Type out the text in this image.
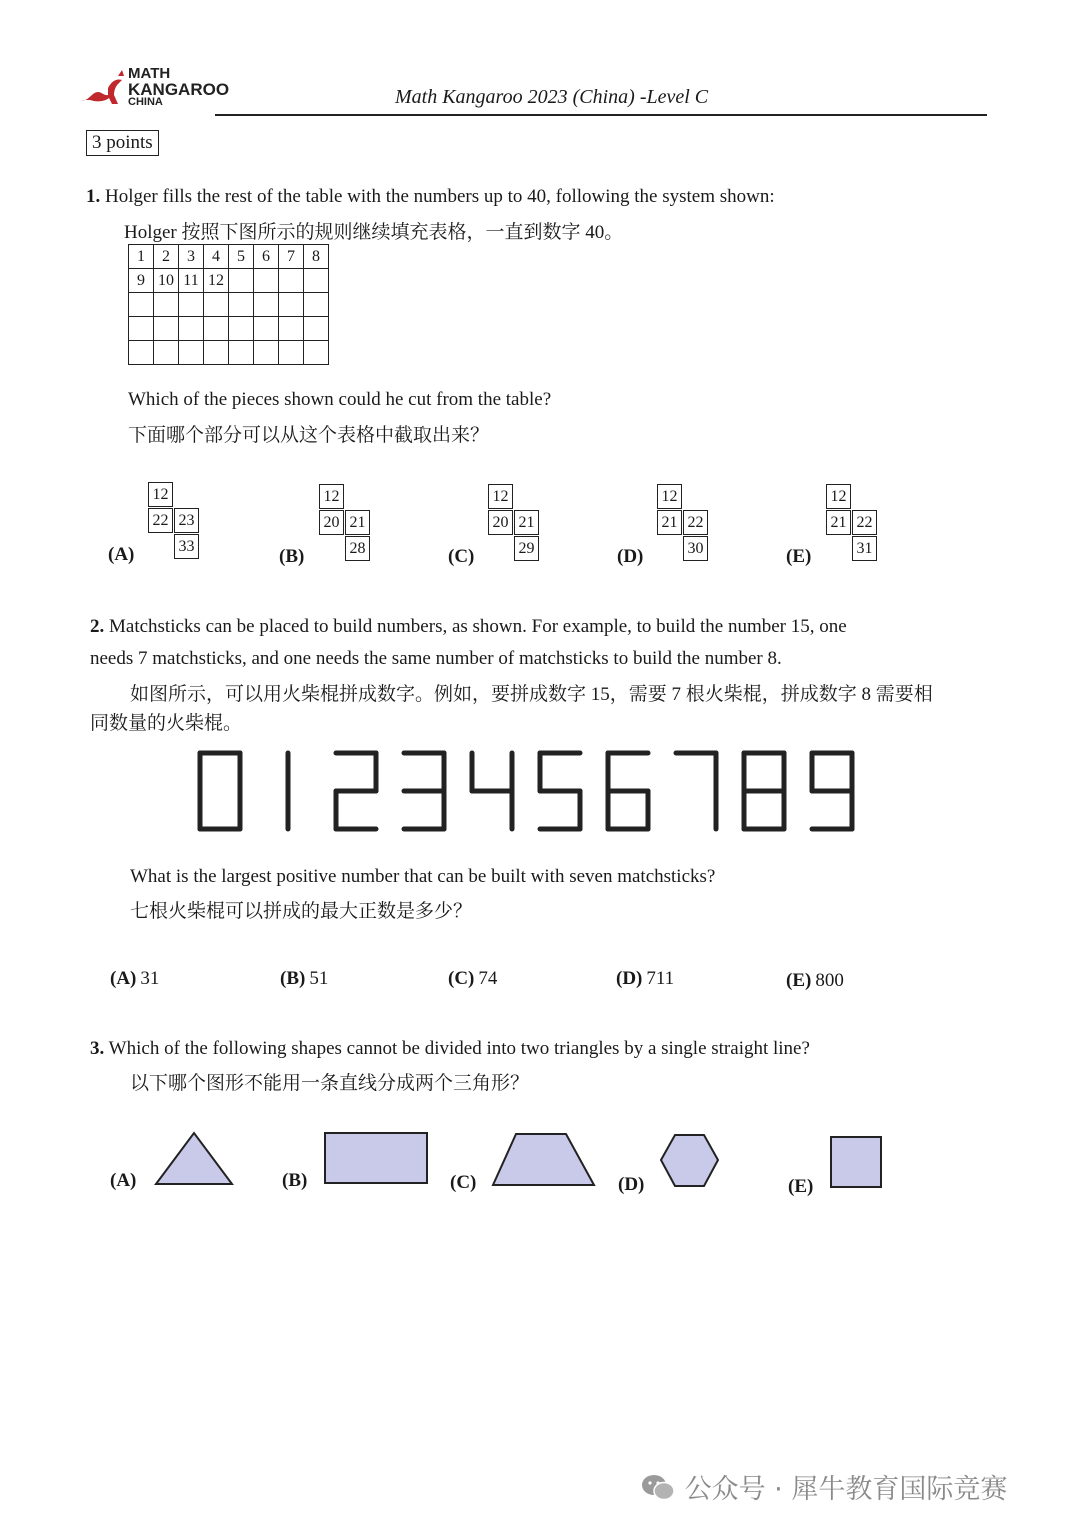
MATH
KANGAROO
CHINA	Math Kangaroo 2023 (China) -Level C
3 points
1. Holger fills the rest of the table with the numbers up to 40, following the system shown:
Holger 按照下图所示的规则继续填充表格，一直到数字 40。
1	2	3	4	5	6	7	8
9	10	11	12				

Which of the pieces shown could he cut from the table?
下面哪个部分可以从这个表格中截取出来？
(A)
12
22 23
33	(B)
12
20 21
28	(C)
12
20 21
29	(D)
12
21 22
30	(E)
12
21 22
31
2. Matchsticks can be placed to build numbers, as shown. For example, to build the number 15, one
needs 7 matchsticks, and one needs the same number of matchsticks to build the number 8.
如图所示，可以用火柴棍拼成数字。例如，要拼成数字 15，需要 7 根火柴棍，拼成数字 8 需要相
同数量的火柴棍。
What is the largest positive number that can be built with seven matchsticks?
七根火柴棍可以拼成的最大正数是多少？
(A) 31	(B) 51	(C) 74	(D) 711	(E) 800
3. Which of the following shapes cannot be divided into two triangles by a single straight line?
以下哪个图形不能用一条直线分成两个三角形？
(A)	(B)	(C)	(D)	(E)
公众号 · 犀牛教育国际竞赛
